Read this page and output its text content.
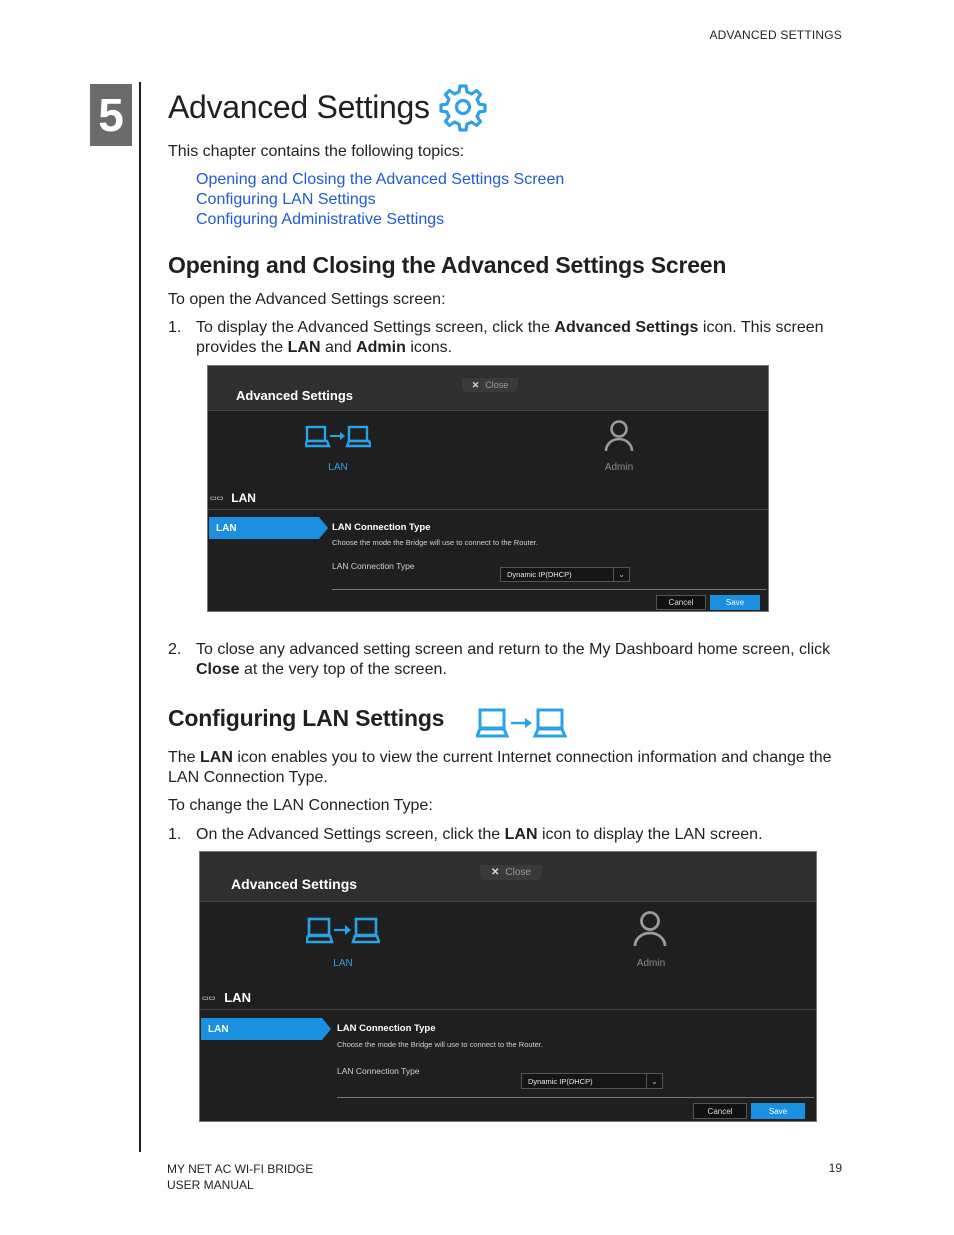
ADVANCED SETTINGS
5 Advanced Settings
This chapter contains the following topics:
Opening and Closing the Advanced Settings Screen
Configuring LAN Settings
Configuring Administrative Settings
Opening and Closing the Advanced Settings Screen
To open the Advanced Settings screen:
1. To display the Advanced Settings screen, click the Advanced Settings icon. This screen provides the LAN and Admin icons.
Advanced Settings
✕ Close
LAN	Admin
▭▭ LAN
LAN	LAN Connection Type
Choose the mode the Bridge will use to connect to the Router.
LAN Connection Type
Dynamic IP(DHCP)	⌄
Cancel	Save
2. To close any advanced setting screen and return to the My Dashboard home screen, click Close at the very top of the screen.
Configuring LAN Settings
The LAN icon enables you to view the current Internet connection information and change the LAN Connection Type.
To change the LAN Connection Type:
1. On the Advanced Settings screen, click the LAN icon to display the LAN screen.
Advanced Settings
✕ Close
LAN	Admin
▭▭ LAN
LAN	LAN Connection Type
Choose the mode the Bridge will use to connect to the Router.
LAN Connection Type
Dynamic IP(DHCP)	⌄
Cancel	Save
MY NET AC WI-FI BRIDGE
USER MANUAL
19
